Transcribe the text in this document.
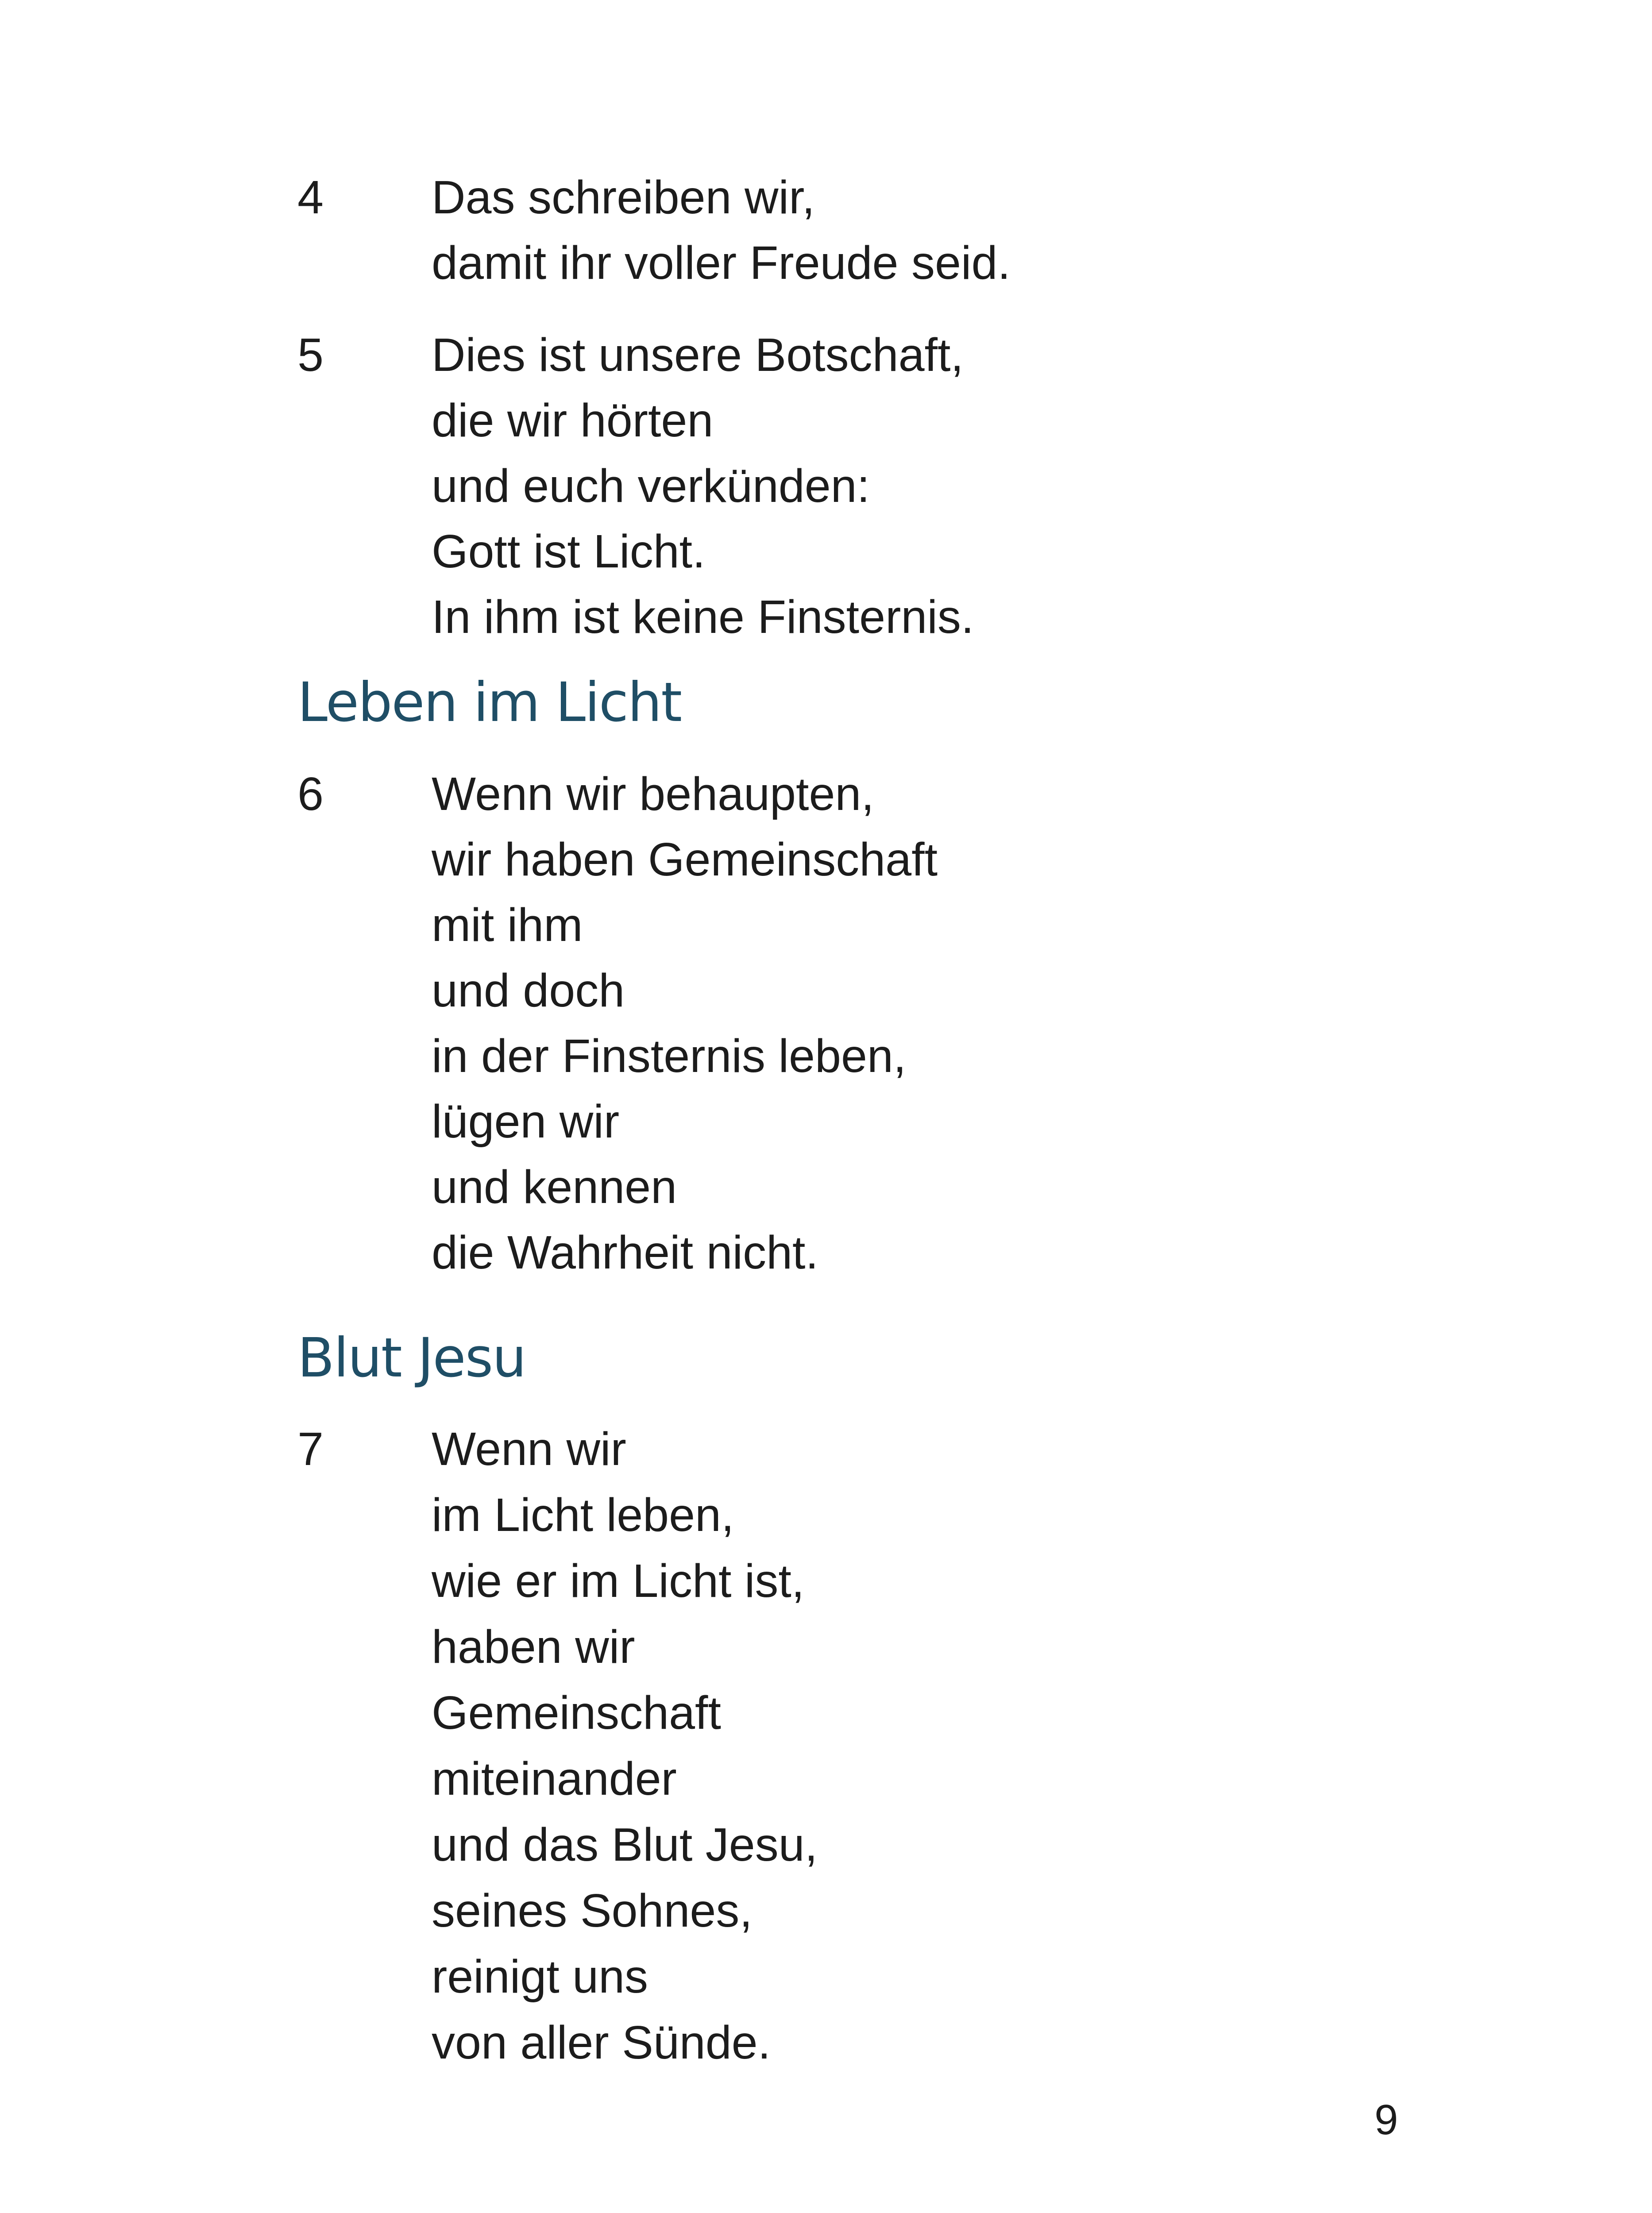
4 Das schreiben wir,
damit ihr voller Freude seid.
5 Dies ist unsere Botschaft,
die wir hörten
und euch verkünden:
Gott ist Licht.
In ihm ist keine Finsternis.
Leben im Licht
6 Wenn wir behaupten,
wir haben Gemeinschaft
mit ihm
und doch
in der Finsternis leben,
lügen wir
und kennen
die Wahrheit nicht.
Blut Jesu
7 Wenn wir
im Licht leben,
wie er im Licht ist,
haben wir
Gemeinschaft
miteinander
und das Blut Jesu,
seines Sohnes,
reinigt uns
von aller Sünde.
9
